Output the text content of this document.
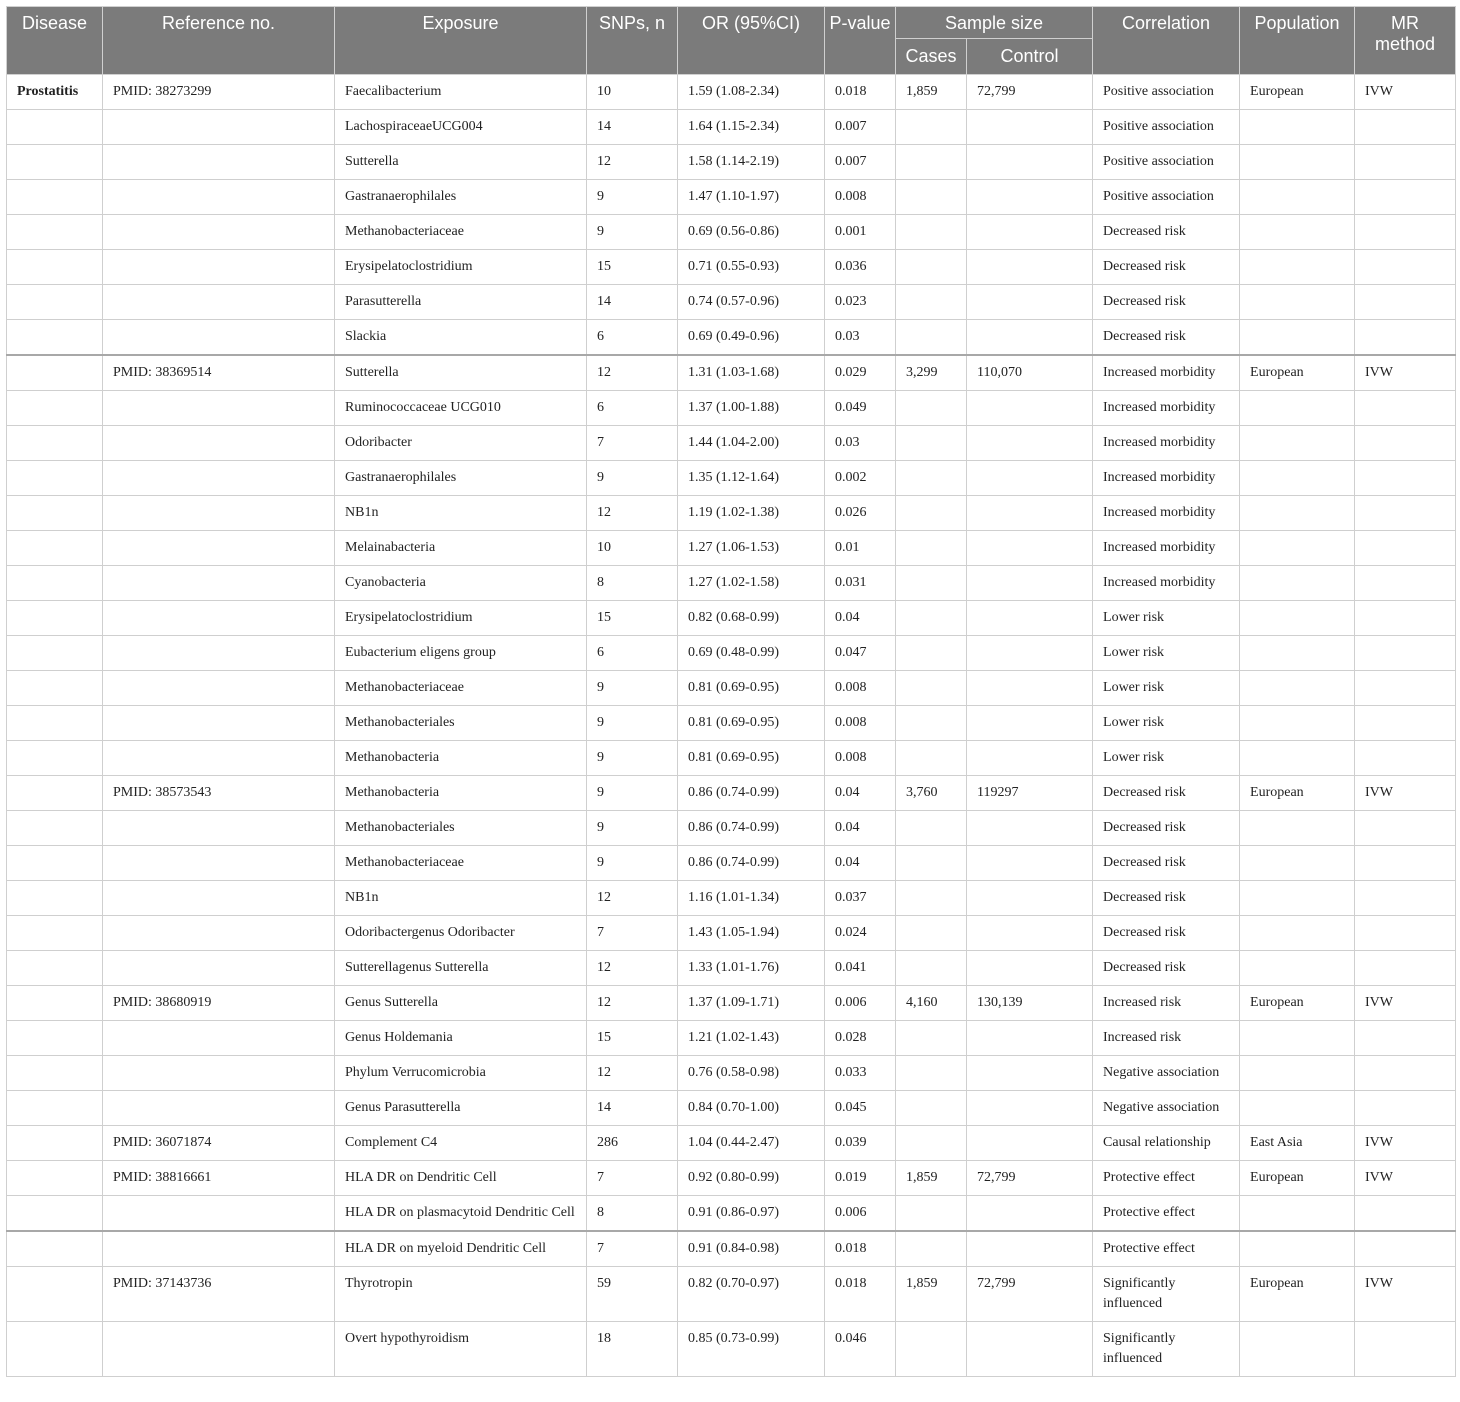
Disease	Reference no.	Exposure	SNPs, n	OR (95%CI)	P-value	Sample size		Correlation	Population	MR method
						Cases	Control			
Prostatitis	PMID: 38273299	Faecalibacterium	10	1.59 (1.08-2.34)	0.018	1,859	72,799	Positive association	European	IVW
		LachospiraceaeUCG004	14	1.64 (1.15-2.34)	0.007			Positive association		
		Sutterella	12	1.58 (1.14-2.19)	0.007			Positive association		
		Gastranaerophilales	9	1.47 (1.10-1.97)	0.008			Positive association		
		Methanobacteriaceae	9	0.69 (0.56-0.86)	0.001			Decreased risk		
		Erysipelatoclostridium	15	0.71 (0.55-0.93)	0.036			Decreased risk		
		Parasutterella	14	0.74 (0.57-0.96)	0.023			Decreased risk		
		Slackia	6	0.69 (0.49-0.96)	0.03			Decreased risk		
	PMID: 38369514	Sutterella	12	1.31 (1.03-1.68)	0.029	3,299	110,070	Increased morbidity	European	IVW
		Ruminococcaceae UCG010	6	1.37 (1.00-1.88)	0.049			Increased morbidity		
		Odoribacter	7	1.44 (1.04-2.00)	0.03			Increased morbidity		
		Gastranaerophilales	9	1.35 (1.12-1.64)	0.002			Increased morbidity		
		NB1n	12	1.19 (1.02-1.38)	0.026			Increased morbidity		
		Melainabacteria	10	1.27 (1.06-1.53)	0.01			Increased morbidity		
		Cyanobacteria	8	1.27 (1.02-1.58)	0.031			Increased morbidity		
		Erysipelatoclostridium	15	0.82 (0.68-0.99)	0.04			Lower risk		
		Eubacterium eligens group	6	0.69 (0.48-0.99)	0.047			Lower risk		
		Methanobacteriaceae	9	0.81 (0.69-0.95)	0.008			Lower risk		
		Methanobacteriales	9	0.81 (0.69-0.95)	0.008			Lower risk		
		Methanobacteria	9	0.81 (0.69-0.95)	0.008			Lower risk		
	PMID: 38573543	Methanobacteria	9	0.86 (0.74-0.99)	0.04	3,760	119297	Decreased risk	European	IVW
		Methanobacteriales	9	0.86 (0.74-0.99)	0.04			Decreased risk		
		Methanobacteriaceae	9	0.86 (0.74-0.99)	0.04			Decreased risk		
		NB1n	12	1.16 (1.01-1.34)	0.037			Decreased risk		
		Odoribactergenus Odoribacter	7	1.43 (1.05-1.94)	0.024			Decreased risk		
		Sutterellagenus Sutterella	12	1.33 (1.01-1.76)	0.041			Decreased risk		
	PMID: 38680919	Genus Sutterella	12	1.37 (1.09-1.71)	0.006	4,160	130,139	Increased risk	European	IVW
		Genus Holdemania	15	1.21 (1.02-1.43)	0.028			Increased risk		
		Phylum Verrucomicrobia	12	0.76 (0.58-0.98)	0.033			Negative association		
		Genus Parasutterella	14	0.84 (0.70-1.00)	0.045			Negative association		
	PMID: 36071874	Complement C4	286	1.04 (0.44-2.47)	0.039			Causal relationship	East Asia	IVW
	PMID: 38816661	HLA DR on Dendritic Cell	7	0.92 (0.80-0.99)	0.019	1,859	72,799	Protective effect	European	IVW
		HLA DR on plasmacytoid Dendritic Cell	8	0.91 (0.86-0.97)	0.006			Protective effect		
		HLA DR on myeloid Dendritic Cell	7	0.91 (0.84-0.98)	0.018			Protective effect		
	PMID: 37143736	Thyrotropin	59	0.82 (0.70-0.97)	0.018	1,859	72,799	Significantly influenced	European	IVW
		Overt hypothyroidism	18	0.85 (0.73-0.99)	0.046			Significantly influenced		
